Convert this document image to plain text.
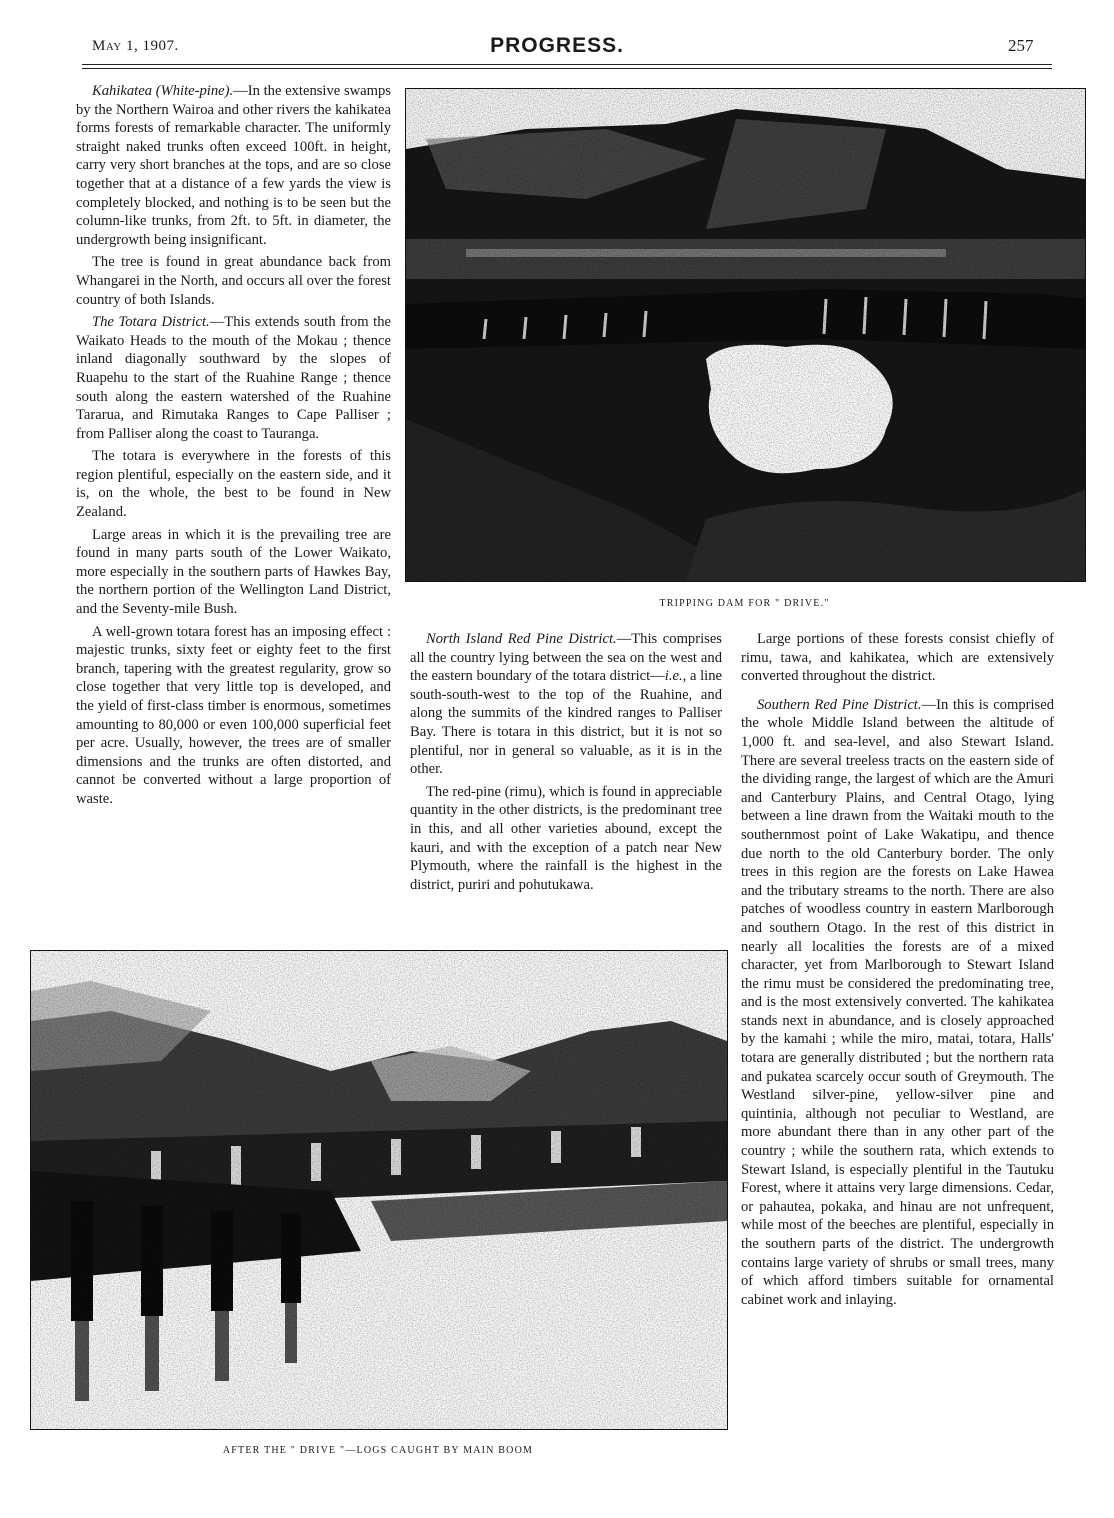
May 1, 1907.	PROGRESS.	257

Kahikatea (White-pine).—In the extensive swamps by the Northern Wairoa and other rivers the kahikatea forms forests of remarkable character. The uniformly straight naked trunks often exceed 100ft. in height, carry very short branches at the tops, and are so close together that at a distance of a few yards the view is completely blocked, and nothing is to be seen but the column-like trunks, from 2ft. to 5ft. in diameter, the undergrowth being insignificant.

The tree is found in great abundance back from Whangarei in the North, and occurs all over the forest country of both Islands.

The Totara District.—This extends south from the Waikato Heads to the mouth of the Mokau ; thence inland diagonally southward by the slopes of Ruapehu to the start of the Ruahine Range ; thence south along the eastern watershed of the Ruahine Tararua, and Rimutaka Ranges to Cape Palliser ; from Palliser along the coast to Tauranga.

The totara is everywhere in the forests of this region plentiful, especially on the eastern side, and it is, on the whole, the best to be found in New Zealand.

Large areas in which it is the prevailing tree are found in many parts south of the Lower Waikato, more especially in the southern parts of Hawkes Bay, the northern portion of the Wellington Land District, and the Seventy-mile Bush.

A well-grown totara forest has an imposing effect : majestic trunks, sixty feet or eighty feet to the first branch, tapering with the greatest regularity, grow so close together that very little top is developed, and the yield of first-class timber is enormous, sometimes amounting to 80,000 or even 100,000 superficial feet per acre. Usually, however, the trees are of smaller dimensions and the trunks are often distorted, and cannot be converted without a large proportion of waste.

TRIPPING DAM FOR " DRIVE."

North Island Red Pine District.—This comprises all the country lying between the sea on the west and the eastern boundary of the totara district—i.e., a line south-south-west to the top of the Ruahine, and along the summits of the kindred ranges to Palliser Bay. There is totara in this district, but it is not so plentiful, nor in general so valuable, as it is in the other.

The red-pine (rimu), which is found in appreciable quantity in the other districts, is the predominant tree in this, and all other varieties abound, except the kauri, and with the exception of a patch near New Plymouth, where the rainfall is the highest in the district, puriri and pohutukawa.

Large portions of these forests consist chiefly of rimu, tawa, and kahikatea, which are extensively converted throughout the district.

Southern Red Pine District.—In this is comprised the whole Middle Island between the altitude of 1,000 ft. and sea-level, and also Stewart Island. There are several treeless tracts on the eastern side of the dividing range, the largest of which are the Amuri and Canterbury Plains, and Central Otago, lying between a line drawn from the Waitaki mouth to the southernmost point of Lake Wakatipu, and thence due north to the old Canterbury border. The only trees in this region are the forests on Lake Hawea and the tributary streams to the north. There are also patches of woodless country in eastern Marlborough and southern Otago. In the rest of this district in nearly all localities the forests are of a mixed character, yet from Marlborough to Stewart Island the rimu must be considered the predominating tree, and is the most extensively converted. The kahikatea stands next in abundance, and is closely approached by the kamahi ; while the miro, matai, totara, Halls' totara are generally distributed ; but the northern rata and pukatea scarcely occur south of Greymouth. The Westland silver-pine, yellow-silver pine and quintinia, although not peculiar to Westland, are more abundant there than in any other part of the country ; while the southern rata, which extends to Stewart Island, is especially plentiful in the Tautuku Forest, where it attains very large dimensions. Cedar, or pahautea, pokaka, and hinau are not unfrequent, while most of the beeches are plentiful, especially in the southern parts of the district. The undergrowth contains large variety of shrubs or small trees, many of which afford timbers suitable for ornamental cabinet work and inlaying.

AFTER THE " DRIVE "—LOGS CAUGHT BY MAIN BOOM
